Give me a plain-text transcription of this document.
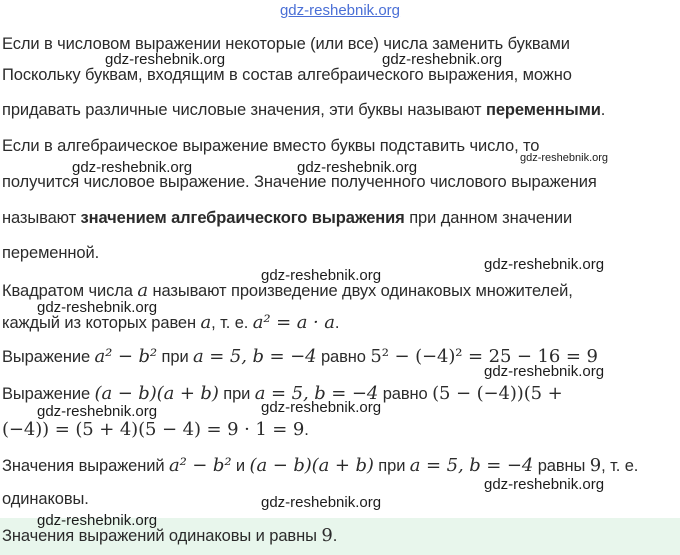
gdz-reshebnik.org
Если в числовом выражении некоторые (или все) числа заменить буквами
Поскольку буквам, входящим в состав алгебраического выражения, можно
придавать различные числовые значения, эти буквы называют переменными.
Если в алгебраическое выражение вместо буквы подставить число, то
получится числовое выражение. Значение полученного числового выражения
называют значением алгебраического выражения при данном значении
переменной.
Квадратом числа a называют произведение двух одинаковых множителей,
каждый из которых равен a, т. е. a² = a · a.
Выражение a² − b² при a = 5, b = −4 равно 5² − (−4)² = 25 − 16 = 9
Выражение (a − b)(a + b) при a = 5, b = −4 равно (5 − (−4))(5 +
(−4)) = (5 + 4)(5 − 4) = 9 · 1 = 9.
Значения выражений a² − b² и (a − b)(a + b) при a = 5, b = −4 равны 9, т. е.
одинаковы.
Значения выражений одинаковы и равны 9.
gdz-reshebnik.org	gdz-reshebnik.org
gdz-reshebnik.org	gdz-reshebnik.org
gdz-reshebnik.org
gdz-reshebnik.org
gdz-reshebnik.org
gdz-reshebnik.org
gdz-reshebnik.org
gdz-reshebnik.org
gdz-reshebnik.org
gdz-reshebnik.org
gdz-reshebnik.org
gdz-reshebnik.org
